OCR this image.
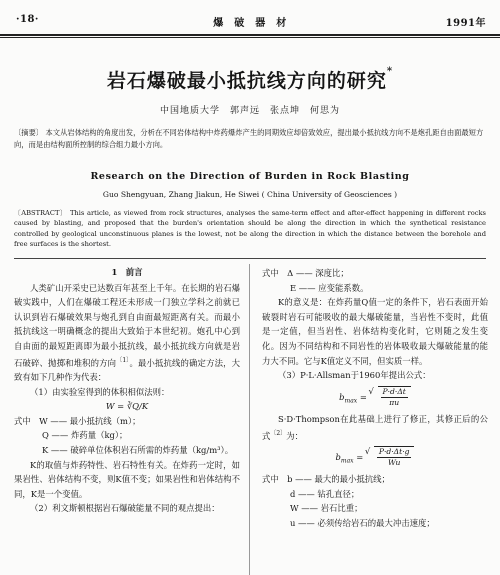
·18·	爆　破　器　材	1991年
岩石爆破最小抵抗线方向的研究*
中国地质大学　郭声远　张点坤　何思为
〔摘要〕 本文从岩体结构的角度出发，分析在不同岩体结构中炸药爆炸产生的同期效应却倍致效应，提出最小抵抗线方向不是炮孔距自由面最短方向，而是由结构面所控制的综合组力最小方向。
Research on the Direction of Burden in Rock Blasting
Guo Shengyuan, Zhang Jiakun, He Siwei ( China University of Geosciences )
〔ABSTRACT〕 This article, as viewed from rock structures, analyses the same-term effect and after-effect happening in different rocks caused by blasting, and proposed that the burden's orientation should be along the direction in which the synthetical resistance controlled by geological unconstinuous planes is the lowest, not be along the direction in which the distance between the borehole and free surfaces is the shortest.

1　前言

人类矿山开采史已达数百年甚至上千年。在长期的岩石爆破实践中，人们在爆破工程还未形成一门独立学科之前就已认识到岩石爆破效果与炮孔到自由面最短距离有关。而最小抵抗线这一明确概念的提出大致始于本世纪初。炮孔中心到自由面的最短距离即为最小抵抗线，最小抵抗线方向就是岩石破碎、抛掷和堆积的方向$^{〔1〕}$。最小抵抗线的确定方法，大致有如下几种作为代表：

（1）由实验室得到的体积相似法则：

W = ∛Q/K

式中　 W —— 最小抵抗线（m）；

Q —— 炸药量（kg）；

K —— 破碎单位体积岩石所需的炸药量（kg/m³）。

K的取值与炸药特性、岩石特性有关。在炸药一定时，如果岩性、岩体结构不变，则K值不变；如果岩性和岩体结构不同，K是一个变值。

（2）利文斯顿根据岩石爆破能量不同的观点提出：

式中　 Δ —— 深度比；

E —— 应变能系数。

K的意义是：在炸药量Q值一定的条件下，岩石表面开始破裂时岩石可能吸收的最大爆破能量，当岩性不变时，此值是一定值，但当岩性、岩体结构变化时，它则随之发生变化。因为不同结构和不同岩性的岩体吸收最大爆破能量的能力大不同。它与K值定义不同，但实质一样。

（3）P·L·Allsman于1960年提出公式：

$b_{max}$ = √ $\frac{P\cdot d\cdot\Delta t}{\pi u}$

S·D·Thompson在此基础上进行了修正，其修正后的公式$^{〔2〕}$为：

$b_{max}$ = √ $\frac{P\cdot d\cdot\Delta t\cdot g}{Wu}$

式中　 b —— 最大的最小抵抗线；

d —— 钻孔直径；

W —— 岩石比重；

u —— 必须传给岩石的最大冲击速度；
